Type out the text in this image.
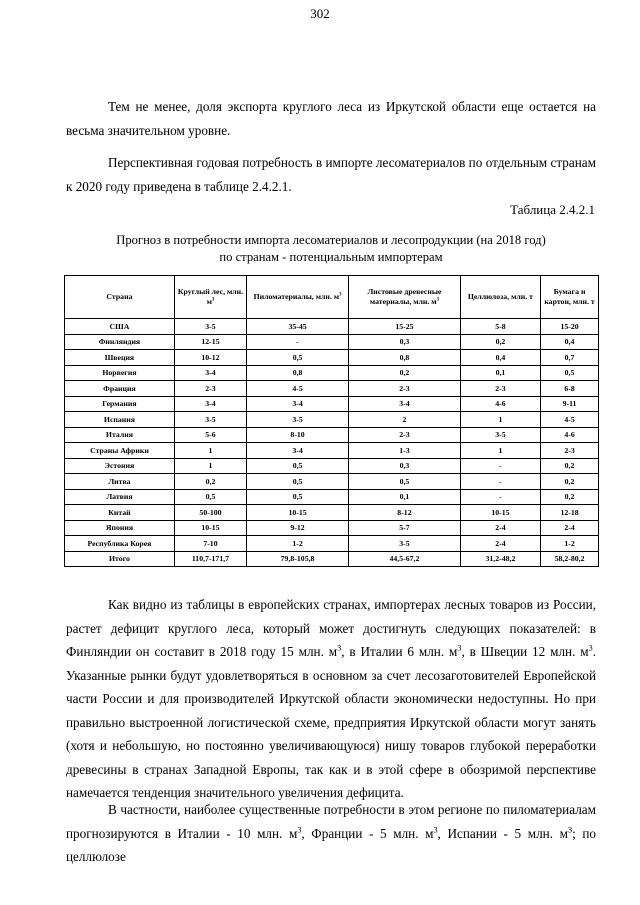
302

Тем не менее, доля экспорта круглого леса из Иркутской области еще остается на весьма значительном уровне.

Перспективная годовая потребность в импорте лесоматериалов по отдельным странам к 2020 году приведена в таблице 2.4.2.1.

Таблица 2.4.2.1
Прогноз в потребности импорта лесоматериалов и лесопродукции (на 2018 год)
по странам - потенциальным импортерам
Страна	Круглый лес, млн. $м^3$	Пиломатериалы, млн. $м^3$	Листовые древесные материалы, млн. $м^3$	Целлюлоза, млн. т	Бумага и картон, млн. т
США	3-5	35-45	15-25	5-8	15-20
Финляндия	12-15	-	0,3	0,2	0,4
Швеция	10-12	0,5	0,8	0,4	0,7
Норвегия	3-4	0,8	0,2	0,1	0,5
Франция	2-3	4-5	2-3	2-3	6-8
Германия	3-4	3-4	3-4	4-6	9-11
Испания	3-5	3-5	2	1	4-5
Италия	5-6	8-10	2-3	3-5	4-6
Страны Африки	1	3-4	1-3	1	2-3
Эстония	1	0,5	0,3	-	0,2
Литва	0,2	0,5	0,5	-	0,2
Латвия	0,5	0,5	0,1	-	0,2
Китай	50-100	10-15	8-12	10-15	12-18
Япония	10-15	9-12	5-7	2-4	2-4
Республика Корея	7-10	1-2	3-5	2-4	1-2
Итого	110,7-171,7	79,8-105,8	44,5-67,2	31,2-48,2	58,2-80,2

Как видно из таблицы в европейских странах, импортерах лесных товаров из России, растет дефицит круглого леса, который может достигнуть следующих показателей: в Финляндии он составит в 2018 году 15 млн. $м^3$, в Италии 6 млн. $м^3$, в Швеции 12 млн. $м^3$. Указанные рынки будут удовлетворяться в основном за счет лесозаготовителей Европейской части России и для производителей Иркутской области экономически недоступны. Но при правильно выстроенной логистической схеме, предприятия Иркутской области могут занять (хотя и небольшую, но постоянно увеличивающуюся) нишу товаров глубокой переработки древесины в странах Западной Европы, так как и в этой сфере в обозримой перспективе намечается тенденция значительного увеличения дефицита.

В частности, наиболее существенные потребности в этом регионе по пиломатериалам прогнозируются в Италии - 10 млн. $м^3$, Франции - 5 млн. $м^3$, Испании - 5 млн. $м^3$; по целлюлозе
